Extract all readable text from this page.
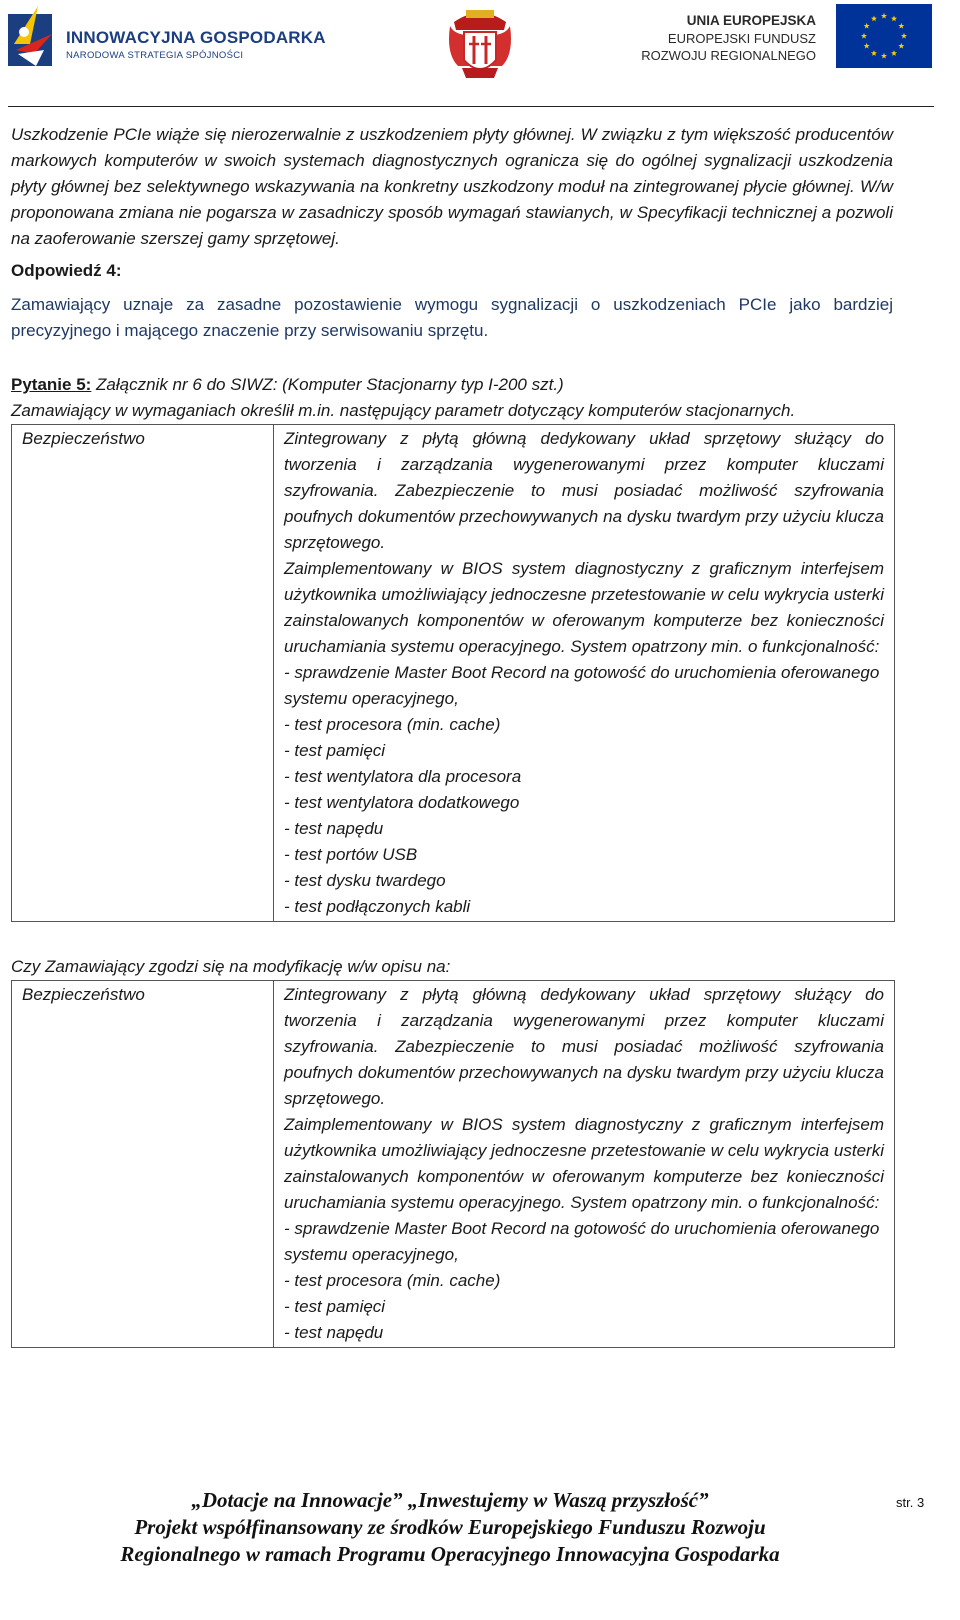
INNOWACYJNA GOSPODARKA
NARODOWA STRATEGIA SPÓJNOŚCI
UNIA EUROPEJSKA
EUROPEJSKI FUNDUSZ
ROZWOJU REGIONALNEGO

Uszkodzenie PCIe wiąże się nierozerwalnie z uszkodzeniem płyty głównej. W związku z tym większość producentów markowych komputerów w swoich systemach diagnostycznych ogranicza się do ogólnej sygnalizacji uszkodzenia płyty głównej bez selektywnego wskazywania na konkretny uszkodzony moduł na zintegrowanej płycie głównej. W/w proponowana zmiana nie pogarsza w zasadniczy sposób wymagań stawianych, w Specyfikacji technicznej a pozwoli na zaoferowanie szerszej gamy sprzętowej.

Odpowiedź 4:

Zamawiający uznaje za zasadne pozostawienie wymogu sygnalizacji o uszkodzeniach PCIe jako bardziej precyzyjnego i mającego znaczenie przy serwisowaniu sprzętu.

Pytanie 5: Załącznik nr 6 do SIWZ: (Komputer Stacjonarny typ I-200 szt.)

Zamawiający w wymaganiach określił m.in. następujący parametr dotyczący komputerów stacjonarnych.

Bezpieczeństwo	Zintegrowany z płytą główną dedykowany układ sprzętowy służący do tworzenia i zarządzania wygenerowanymi przez komputer kluczami szyfrowania. Zabezpieczenie to musi posiadać możliwość szyfrowania poufnych dokumentów przechowywanych na dysku twardym przy użyciu klucza sprzętowego.
Zaimplementowany w BIOS system diagnostyczny z graficznym interfejsem użytkownika umożliwiający jednoczesne przetestowanie w celu wykrycia usterki zainstalowanych komponentów w oferowanym komputerze bez konieczności uruchamiania systemu operacyjnego. System opatrzony min. o funkcjonalność:
- sprawdzenie Master Boot Record na gotowość do uruchomienia oferowanego systemu operacyjnego,
- test procesora (min. cache)
- test pamięci
- test wentylatora dla procesora
- test wentylatora dodatkowego
- test napędu
- test portów USB
- test dysku twardego
- test podłączonych kabli

Czy Zamawiający zgodzi się na modyfikację w/w opisu na:

Bezpieczeństwo	Zintegrowany z płytą główną dedykowany układ sprzętowy służący do tworzenia i zarządzania wygenerowanymi przez komputer kluczami szyfrowania. Zabezpieczenie to musi posiadać możliwość szyfrowania poufnych dokumentów przechowywanych na dysku twardym przy użyciu klucza sprzętowego.
Zaimplementowany w BIOS system diagnostyczny z graficznym interfejsem użytkownika umożliwiający jednoczesne przetestowanie w celu wykrycia usterki zainstalowanych komponentów w oferowanym komputerze bez konieczności uruchamiania systemu operacyjnego. System opatrzony min. o funkcjonalność:
- sprawdzenie Master Boot Record na gotowość do uruchomienia oferowanego systemu operacyjnego,
- test procesora (min. cache)
- test pamięci
- test napędu
„Dotacje na Innowacje” „Inwestujemy w Waszą przyszłość”
Projekt współfinansowany ze środków Europejskiego Funduszu Rozwoju
Regionalnego w ramach Programu Operacyjnego Innowacyjna Gospodarka
str. 3
